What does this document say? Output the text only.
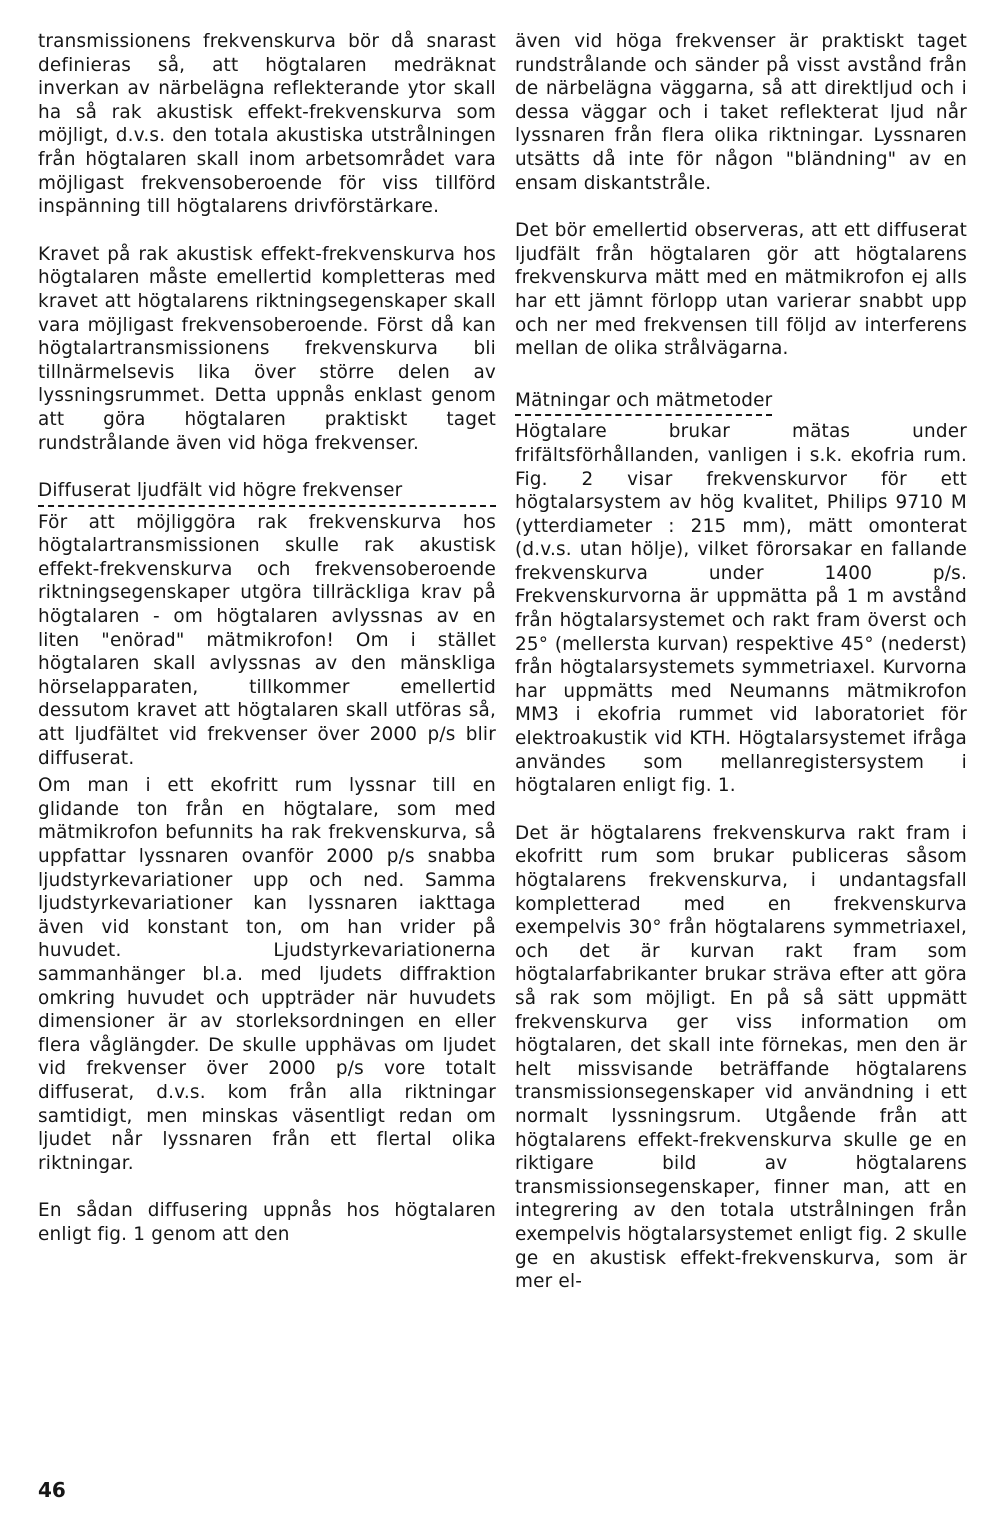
transmissionens frekvenskurva bör då snarast definieras så, att högtalaren medräknat inverkan av närbelägna reflekterande ytor skall ha så rak akustisk effekt-frekvenskurva som möjligt, d.v.s. den totala akustiska utstrålningen från högtalaren skall inom arbetsområdet vara möjligast frekvensoberoende för viss tillförd inspänning till högtalarens drivförstärkare.

Kravet på rak akustisk effekt-frekvenskurva hos högtalaren måste emellertid kompletteras med kravet att högtalarens riktningsegenskaper skall vara möjligast frekvensoberoende. Först då kan högtalartransmissionens frekvenskurva bli tillnärmelsevis lika över större delen av lyssningsrummet. Detta uppnås enklast genom att göra högtalaren praktiskt taget rundstrålande även vid höga frekvenser.

Diffuserat ljudfält vid högre frekvenser

För att möjliggöra rak frekvenskurva hos högtalartransmissionen skulle rak akustisk effekt-frekvenskurva och frekvensoberoende riktningsegenskaper utgöra tillräckliga krav på högtalaren - om högtalaren avlyssnas av en liten "enörad" mätmikrofon! Om i stället högtalaren skall avlyssnas av den mänskliga hörselapparaten, tillkommer emellertid dessutom kravet att högtalaren skall utföras så, att ljudfältet vid frekvenser över 2000 p/s blir diffuserat.

Om man i ett ekofritt rum lyssnar till en glidande ton från en högtalare, som med mätmikrofon befunnits ha rak frekvenskurva, så uppfattar lyssnaren ovanför 2000 p/s snabba ljudstyrkevariationer upp och ned. Samma ljudstyrkevariationer kan lyssnaren iakttaga även vid konstant ton, om han vrider på huvudet. Ljudstyrkevariationerna sammanhänger bl.a. med ljudets diffraktion omkring huvudet och uppträder när huvudets dimensioner är av storleksordningen en eller flera våglängder. De skulle upphävas om ljudet vid frekvenser över 2000 p/s vore totalt diffuserat, d.v.s. kom från alla riktningar samtidigt, men minskas väsentligt redan om ljudet når lyssnaren från ett flertal olika riktningar.

En sådan diffusering uppnås hos högtalaren enligt fig. 1 genom att den

även vid höga frekvenser är praktiskt taget rundstrålande och sänder på visst avstånd från de närbelägna väggarna, så att direktljud och i dessa väggar och i taket reflekterat ljud når lyssnaren från flera olika riktningar. Lyssnaren utsätts då inte för någon "bländning" av en ensam diskantstråle.

Det bör emellertid observeras, att ett diffuserat ljudfält från högtalaren gör att högtalarens frekvenskurva mätt med en mätmikrofon ej alls har ett jämnt förlopp utan varierar snabbt upp och ner med frekvensen till följd av interferens mellan de olika strålvägarna.

Mätningar och mätmetoder

Högtalare brukar mätas under frifältsförhållanden, vanligen i s.k. ekofria rum. Fig. 2 visar frekvenskurvor för ett högtalarsystem av hög kvalitet, Philips 9710 M (ytterdiameter : 215 mm), mätt omonterat (d.v.s. utan hölje), vilket förorsakar en fallande frekvenskurva under 1400 p/s. Frekvenskurvorna är uppmätta på 1 m avstånd från högtalarsystemet och rakt fram överst och 25° (mellersta kurvan) respektive 45° (nederst) från högtalarsystemets symmetriaxel. Kurvorna har uppmätts med Neumanns mätmikrofon MM3 i ekofria rummet vid laboratoriet för elektroakustik vid KTH. Högtalarsystemet ifråga användes som mellanregistersystem i högtalaren enligt fig. 1.

Det är högtalarens frekvenskurva rakt fram i ekofritt rum som brukar publiceras såsom högtalarens frekvenskurva, i undantagsfall kompletterad med en frekvenskurva exempelvis 30° från högtalarens symmetriaxel, och det är kurvan rakt fram som högtalarfabrikanter brukar sträva efter att göra så rak som möjligt. En på så sätt uppmätt frekvenskurva ger viss information om högtalaren, det skall inte förnekas, men den är helt missvisande beträffande högtalarens transmissionsegenskaper vid användning i ett normalt lyssningsrum. Utgående från att högtalarens effekt-frekvenskurva skulle ge en riktigare bild av högtalarens transmissionsegenskaper, finner man, att en integrering av den totala utstrålningen från exempelvis högtalarsystemet enligt fig. 2 skulle ge en akustisk effekt-frekvenskurva, som är mer el-

46
